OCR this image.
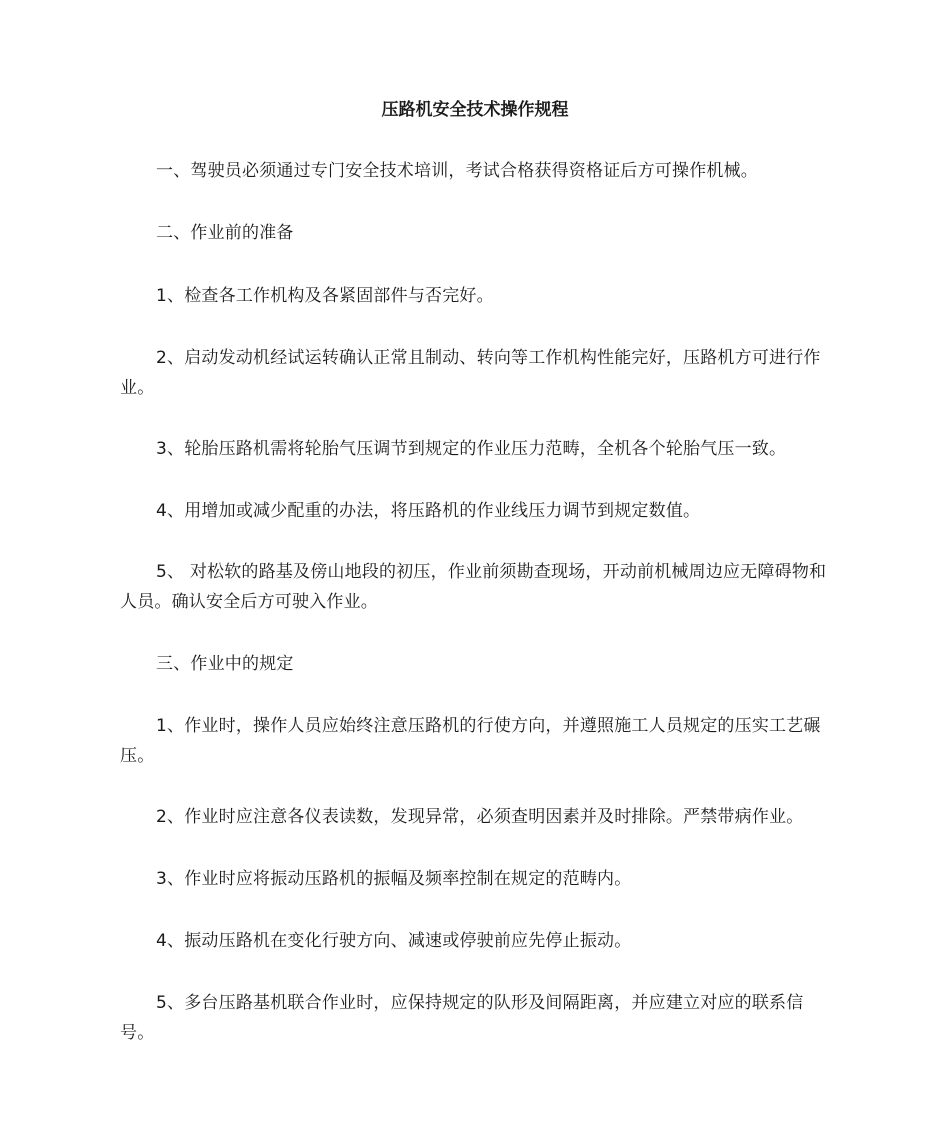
压路机安全技术操作规程

一、驾驶员必须通过专门安全技术培训，考试合格获得资格证后方可操作机械。

二、作业前的准备

1、检查各工作机构及各紧固部件与否完好。

2、启动发动机经试运转确认正常且制动、转向等工作机构性能完好，压路机方可进行作业。

3、轮胎压路机需将轮胎气压调节到规定的作业压力范畴，全机各个轮胎气压一致。

4、用增加或减少配重的办法，将压路机的作业线压力调节到规定数值。

5、 对松软的路基及傍山地段的初压，作业前须勘查现场，开动前机械周边应无障碍物和人员。确认安全后方可驶入作业。

三、作业中的规定

1、作业时，操作人员应始终注意压路机的行使方向，并遵照施工人员规定的压实工艺碾压。

2、作业时应注意各仪表读数，发现异常，必须查明因素并及时排除。严禁带病作业。

3、作业时应将振动压路机的振幅及频率控制在规定的范畴内。

4、振动压路机在变化行驶方向、减速或停驶前应先停止振动。

5、多台压路基机联合作业时，应保持规定的队形及间隔距离，并应建立对应的联系信号。
